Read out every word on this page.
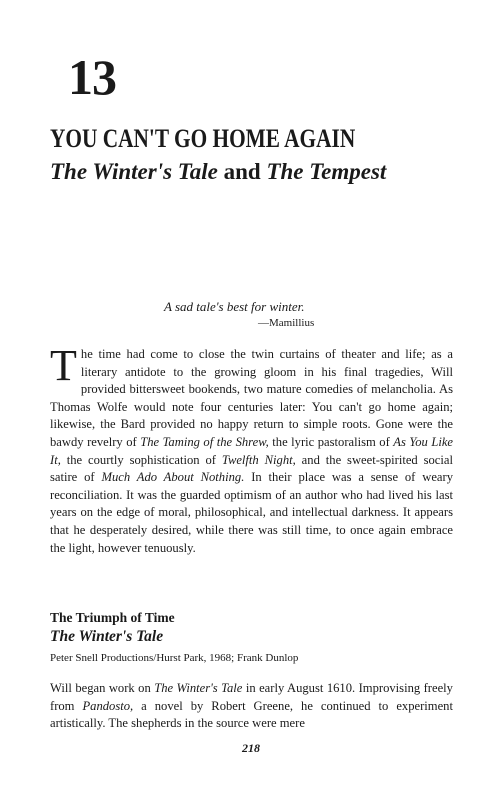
13
YOU CAN'T GO HOME AGAIN
The Winter's Tale and The Tempest
A sad tale's best for winter.
—Mamillius
The time had come to close the twin curtains of theater and life; as a literary antidote to the growing gloom in his final tragedies, Will provided bittersweet bookends, two mature comedies of melancholia. As Thomas Wolfe would note four centuries later: You can't go home again; likewise, the Bard provided no happy return to simple roots. Gone were the bawdy revelry of The Taming of the Shrew, the lyric pastoralism of As You Like It, the courtly sophistication of Twelfth Night, and the sweet-spirited social satire of Much Ado About Nothing. In their place was a sense of weary reconciliation. It was the guarded optimism of an author who had lived his last years on the edge of moral, philosophical, and intellectual darkness. It appears that he desperately desired, while there was still time, to once again embrace the light, however tenuously.
The Triumph of Time
The Winter's Tale
Peter Snell Productions/Hurst Park, 1968; Frank Dunlop
Will began work on The Winter's Tale in early August 1610. Improvising freely from Pandosto, a novel by Robert Greene, he continued to experiment artistically. The shepherds in the source were mere
218
